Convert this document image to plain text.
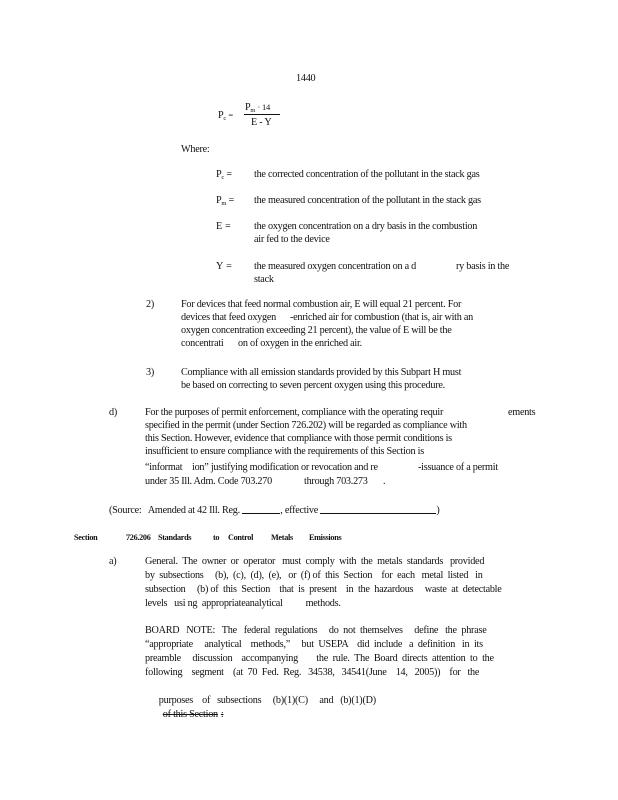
1440
$P_c$ =
$P_m \cdot 14$
E - Y
Where:
$P_c$ = the corrected concentration of the pollutant in the stack gas
$P_m$ = the measured concentration of the pollutant in the stack gas
E = the oxygen concentration on a dry basis in the combustion
air fed to the device
Y = the measured oxygen concentration on a d	ry basis in the
stack
2)	For devices that feed normal combustion air, E will equal 21 percent. For
devices that feed oxygen -enriched air for combustion (that is, air with an
oxygen concentration exceeding 21 percent), the value of E will be the
concentrati on of oxygen in the enriched air.
3)	Compliance with all emission standards provided by this Subpart H must
be based on correcting to seven percent oxygen using this procedure.
d)	For the purposes of permit enforcement, compliance with the operating requir	ements
specified in the permit (under Section 726.202) will be regarded as compliance with
this Section. However, evidence that compliance with those permit conditions is
insufficient to ensure compliance with the requirements of this Section is
“informat ion” justifying modification or revocation and re	-issuance of a permit
under 35 Ill. Adm. Code 703.270	through 703.273 .
(Source: Amended at 42 Ill. Reg.	, effective	)
Section	726.206 Standards	to Control Metals Emissions
a)	General.  The  owner  or  operator   must  comply  with  the  metals  standards   provided
by  subsections     (b),  (c),  (d),  (e),   or  (f) of  this  Section    for  each   metal  listed   in
subsection     (b) of  this  Section    that  is  present    in  the  hazardous     waste  at  detectable
levels   usi ng  appropriateanalytical          methods.
BOARD   NOTE:   The   federal  regulations     do  not  themselves     define   the  phrase
“appropriate     analytical    methods,”     but  USEPA    did  include   a  definition   in  its
preamble     discussion    accompanying        the  rule.  The  Board  directs  attention  to  the
following    segment    (at  70  Fed.  Reg.   34538,   34541(June    14,   2005))    for   the

purposes    of   subsections     (b)(1)(C)     and   (b)(1)(D)
of this Section :
